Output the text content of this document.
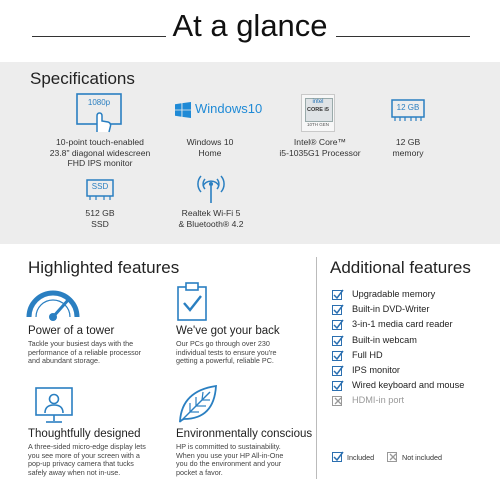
At a glance
Specifications
1080p
10-point touch-enabled
23.8" diagonal widescreen
FHD IPS monitor
Windows10
Windows 10
Home
intel
CORE i5
10TH GEN
Intel® Core™
i5-1035G1 Processor
12 GB
12 GB
memory
SSD
512 GB
SSD
Realtek Wi-Fi 5
& Bluetooth® 4.2
Highlighted features
Power of a tower
Tackle your busiest days with the
performance of a reliable processor
and abundant storage.
We've got your back
Our PCs go through over 230
individual tests to ensure you're
getting a powerful, reliable PC.
Thoughtfully designed
A three-sided micro-edge display lets
you see more of your screen with a
pop-up privacy camera that tucks
safely away when not in-use.
Environmentally conscious
HP is committed to sustainability.
When you use your HP All-in-One
you do the environment and your
pocket a favor.
Additional features
Upgradable memory
Built-in DVD-Writer
3-in-1 media card reader
Built-in webcam
Full HD
IPS monitor
Wired keyboard and mouse
HDMI-in port
Included	Not included
